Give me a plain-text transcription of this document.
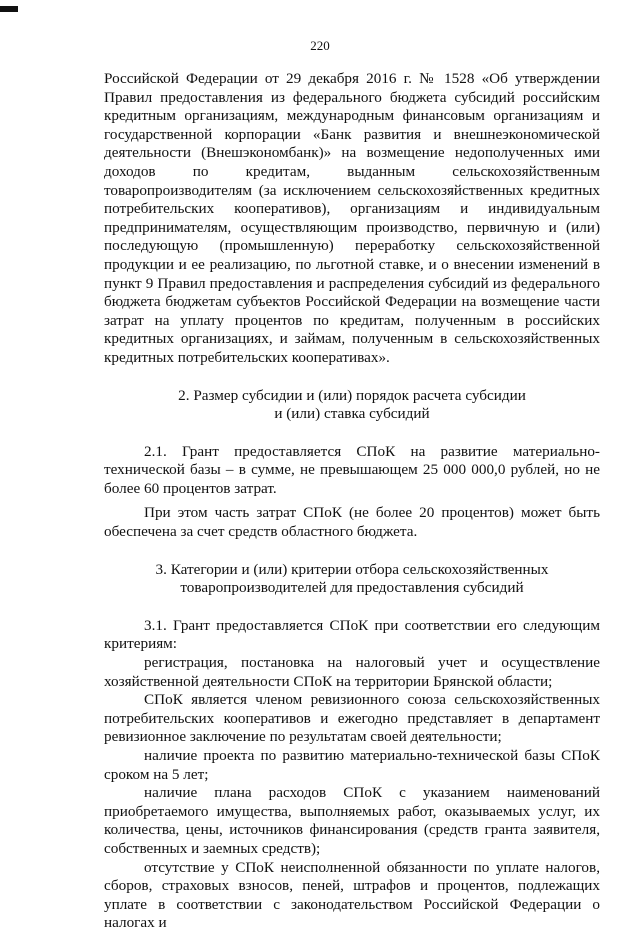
220

Российской Федерации от 29 декабря 2016 г. № 1528 «Об утверждении Правил предоставления из федерального бюджета субсидий российским кредитным организациям, международным финансовым организациям и государственной корпорации «Банк развития и внешнеэкономической деятельности (Внешэкономбанк)» на возмещение недополученных ими доходов по кредитам, выданным сельскохозяйственным товаропроизводителям (за исключением сельскохозяйственных кредитных потребительских кооперативов), организациям и индивидуальным предпринимателям, осуществляющим производство, первичную и (или) последующую (промышленную) переработку сельскохозяйственной продукции и ее реализацию, по льготной ставке, и о внесении изменений в пункт 9 Правил предоставления и распределения субсидий из федерального бюджета бюджетам субъектов Российской Федерации на возмещение части затрат на уплату процентов по кредитам, полученным в российских кредитных организациях, и займам, полученным в сельскохозяйственных кредитных потребительских кооперативах».

2. Размер субсидии и (или) порядок расчета субсидии

и (или) ставка субсидий

2.1. Грант предоставляется СПоК на развитие материально-технической базы – в сумме, не превышающем 25 000 000,0 рублей, но не более 60 процентов затрат.

При этом часть затрат СПоК (не более 20 процентов) может быть обеспечена за счет средств областного бюджета.

3. Категории и (или) критерии отбора сельскохозяйственных

товаропроизводителей для предоставления субсидий

3.1. Грант предоставляется СПоК при соответствии его следующим критериям:

регистрация, постановка на налоговый учет и осуществление хозяйственной деятельности СПоК на территории Брянской области;

СПоК является членом ревизионного союза сельскохозяйственных потребительских кооперативов и ежегодно представляет в департамент ревизионное заключение по результатам своей деятельности;

наличие проекта по развитию материально-технической базы СПоК сроком на 5 лет;

наличие плана расходов СПоК с указанием наименований приобретаемого имущества, выполняемых работ, оказываемых услуг, их количества, цены, источников финансирования (средств гранта заявителя, собственных и заемных средств);

отсутствие у СПоК неисполненной обязанности по уплате налогов, сборов, страховых взносов, пеней, штрафов и процентов, подлежащих уплате в соответствии с законодательством Российской Федерации о налогах и
